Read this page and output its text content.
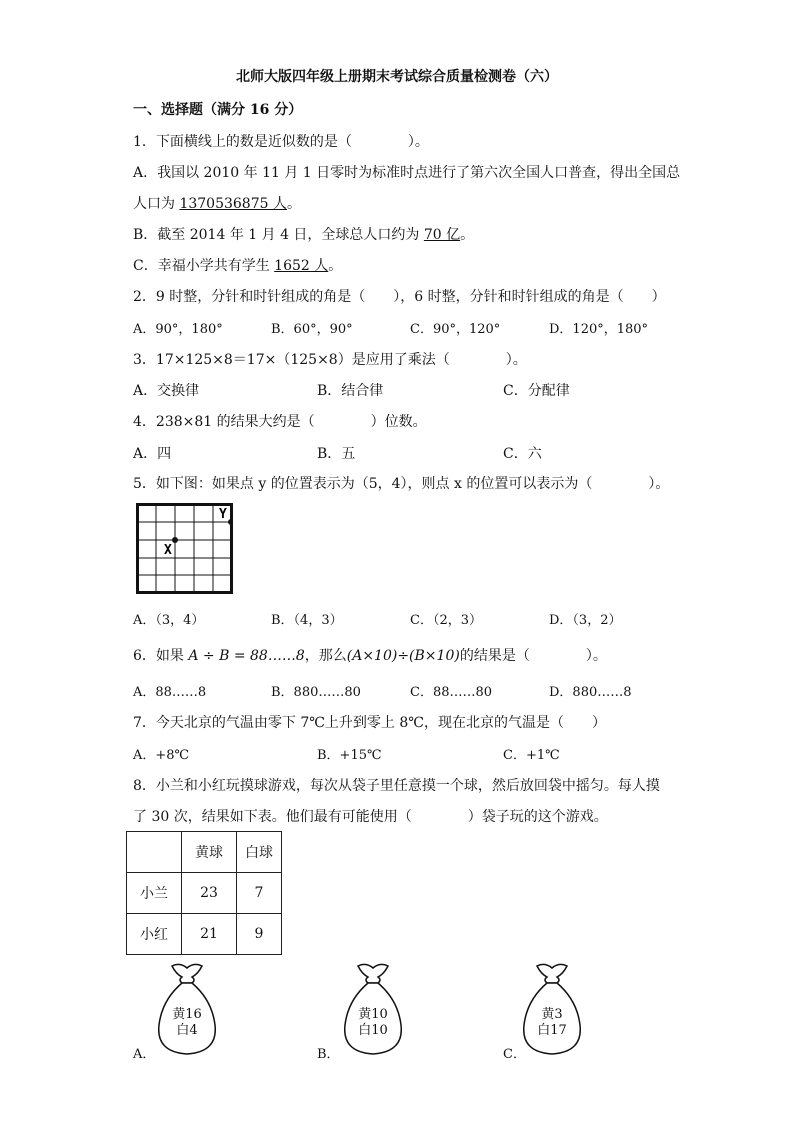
北师大版四年级上册期末考试综合质量检测卷（六）
一、选择题（满分 16 分）
1．下面横线上的数是近似数的是（　　　　）。
A．我国以 2010 年 11 月 1 日零时为标准时点进行了第六次全国人口普查，得出全国总
人口为 1370536875 人。
B．截至 2014 年 1 月 4 日，全球总人口约为 70 亿。
C．幸福小学共有学生 1652 人。
2．9 时整，分针和时针组成的角是（　　），6 时整，分针和时针组成的角是（　　）
A．90°，180°	B．60°，90°	C．90°，120°	D．120°，180°
3．17×125×8＝17×（125×8）是应用了乘法（　　　　）。
A．交换律	B．结合律	C．分配律
4．238×81 的结果大约是（　　　　）位数。
A．四	B．五	C．六
5．如下图：如果点 y 的位置表示为（5，4），则点 x 的位置可以表示为（　　　　）。
X
Y
A．（3，4）	B．（4，3）	C．（2，3）	D．（3，2）
6．如果 A ÷ B = 88……8，那么(A×10)÷(B×10)的结果是（　　　　）。
A．88……8	B．880……80	C．88……80	D．880……8
7．今天北京的气温由零下 7℃上升到零上 8℃，现在北京的气温是（　　）
A．+8℃	B．+15℃	C．+1℃
8．小兰和小红玩摸球游戏，每次从袋子里任意摸一个球，然后放回袋中摇匀。每人摸
了 30 次，结果如下表。他们最有可能使用（　　　　）袋子玩的这个游戏。
	黄球	白球
小兰	23	7
小红	21	9
A．
黄16
白4
B．
黄10
白10
C．
黄3
白17
